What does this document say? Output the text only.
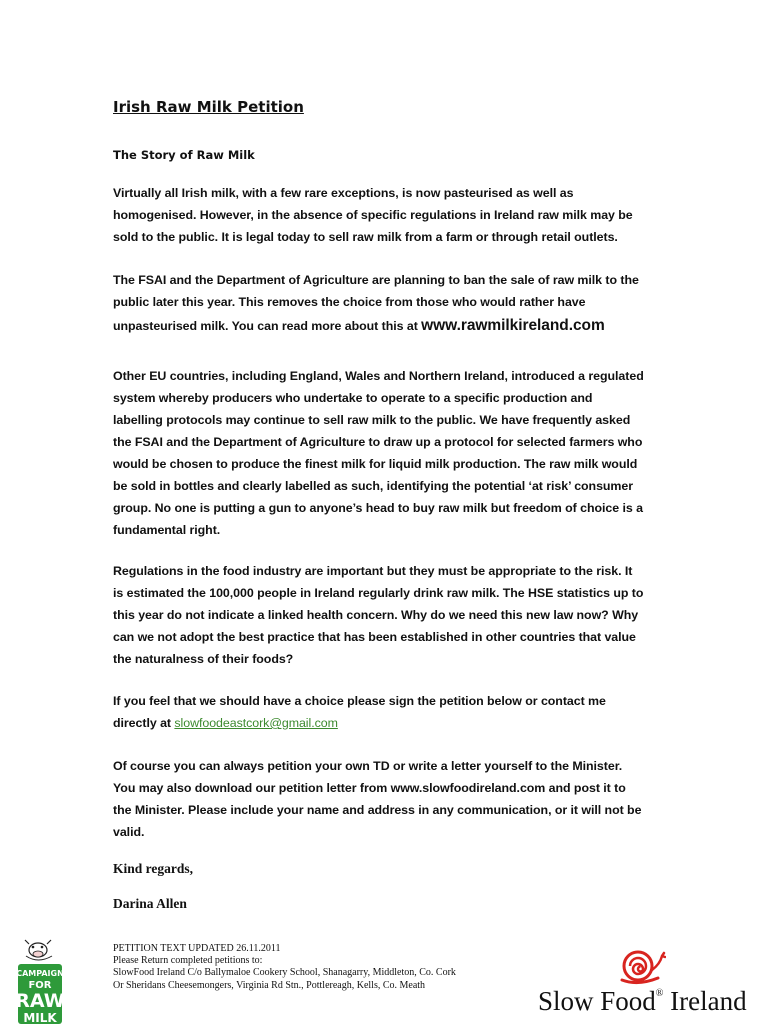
Irish Raw Milk Petition
The Story of Raw Milk

Virtually all Irish milk, with a few rare exceptions, is now pasteurised as well as
homogenised. However, in the absence of specific regulations in Ireland raw milk may be
sold to the public. It is legal today to sell raw milk from a farm or through retail outlets.

The FSAI and the Department of Agriculture are planning to ban the sale of raw milk to the
public later this year. This removes the choice from those who would rather have
unpasteurised milk. You can read more about this at www.rawmilkireland.com

Other EU countries, including England, Wales and Northern Ireland, introduced a regulated
system whereby producers who undertake to operate to a specific production and
labelling protocols may continue to sell raw milk to the public. We have frequently asked
the FSAI and the Department of Agriculture to draw up a protocol for selected farmers who
would be chosen to produce the finest milk for liquid milk production. The raw milk would
be sold in bottles and clearly labelled as such, identifying the potential ‘at risk’ consumer
group. No one is putting a gun to anyone’s head to buy raw milk but freedom of choice is a
fundamental right.

Regulations in the food industry are important but they must be appropriate to the risk. It
is estimated the 100,000 people in Ireland regularly drink raw milk. The HSE statistics up to
this year do not indicate a linked health concern. Why do we need this new law now? Why
can we not adopt the best practice that has been established in other countries that value
the naturalness of their foods?

If you feel that we should have a choice please sign the petition below or contact me
directly at slowfoodeastcork@gmail.com

Of course you can always petition your own TD or write a letter yourself to the Minister.
You may also download our petition letter from www.slowfoodireland.com and post it to
the Minister. Please include your name and address in any communication, or it will not be
valid.

Kind regards,

Darina Allen

CAMPAIGN
FOR
RAW
MILK
PETITION TEXT UPDATED 26.11.2011
Please Return completed petitions to:
SlowFood Ireland C/o Ballymaloe Cookery School, Shanagarry, Middleton, Co. Cork
Or Sheridans Cheesemongers, Virginia Rd Stn., Pottlereagh, Kells, Co. Meath
Slow Food® Ireland
